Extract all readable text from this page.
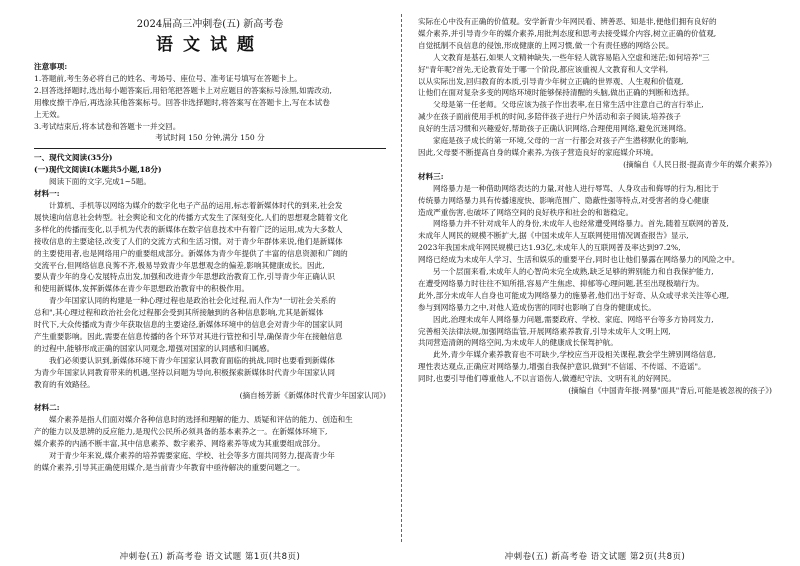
2024届高三冲刺卷(五) 新高考卷
语文试题
注意事项:
1.答题前,考生务必将自己的姓名、考场号、座位号、准考证号填写在答题卡上。
2.回答选择题时,选出每小题答案后,用铅笔把答题卡上对应题目的答案标号涂黑,如需改动,
用橡皮擦干净后,再选涂其他答案标号。回答非选择题时,将答案写在答题卡上,写在本试卷
上无效。
3.考试结束后,将本试卷和答题卡一并交回。
考试时间 150 分钟,满分 150 分
一、现代文阅读(35分)
(一)现代文阅读Ⅰ(本题共5小题,18分)
阅读下面的文字,完成1~5题。
材料一:
计算机、手机等以网络为媒介的数字化电子产品的运用,标志着新媒体时代的到来,社会发
展快速向信息社会转型。社会舆论和文化的传播方式发生了深刻变化,人们的思想观念随着文化
多样化的传播而变化,以手机为代表的新媒体在数字信息技术中有着广泛的运用,成为大多数人
接收信息的主要途径,改变了人们的交流方式和生活习惯。对于青少年群体来说,他们是新媒体
的主要使用者,也是网络用户的重要组成部分。新媒体为青少年提供了丰富的信息资源和广阔的
交流平台,但网络信息良莠不齐,极易导致青少年思想观念的偏差,影响其健康成长。因此,
要从青少年的身心发展特点出发,加强和改进青少年思想政治教育工作,引导青少年正确认识
和使用新媒体,发挥新媒体在青少年思想政治教育中的积极作用。
青少年国家认同的构建是一种心理过程也是政治社会化过程,而人作为"一切社会关系的
总和",其心理过程和政治社会化过程都会受到其所接触到的各种信息影响,尤其是新媒体
时代下,大众传播成为青少年获取信息的主要途径,新媒体环境中的信息会对青少年的国家认同
产生重要影响。因此,需要在信息传播的各个环节对其进行管控和引导,确保青少年在接触信息
的过程中,能够形成正确的国家认同观念,增强对国家的认同感和归属感。
我们必须要认识到,新媒体环境下青少年国家认同教育面临的挑战,同时也要看到新媒体
为青少年国家认同教育带来的机遇,坚持以问题为导向,积极探索新媒体时代青少年国家认同
教育的有效路径。
(摘自杨芳新《新媒体时代青少年国家认同》)
材料二:
媒介素养是指人们面对媒介各种信息时的选择和理解的能力、质疑和评估的能力、创造和生
产的能力以及思辨的反应能力,是现代公民所必须具备的基本素养之一。在新媒体环境下,
媒介素养的内涵不断丰富,其中信息素养、数字素养、网络素养等成为其重要组成部分。
对于青少年来说,媒介素养的培养需要家庭、学校、社会等多方面共同努力,提高青少年
的媒介素养,引导其正确使用媒介,是当前青少年教育中亟待解决的重要问题之一。
冲刺卷(五) 新高考卷 语文试题 第1页(共8页)
实际在心中没有正确的价值观。安学新青少年网民看、辨善恶、知是非,便他们拥有良好的
媒介素养,并引导青少年的媒介素养,用批判态度和思考去接受媒介内容,树立正确的价值观,
自觉抵制不良信息的侵蚀,形成健康的上网习惯,做一个有责任感的网络公民。
人文教育是基石,如果人文精神缺失,一些年轻人就容易陷入空虚和迷茫;如何培养"三
好"青年呢?首先,无论教育处于哪一个阶段,都应该重视人文教育和人文学科,
以从实际出发,回归教育的本质,引导青少年树立正确的世界观、人生观和价值观,
让他们在面对复杂多变的网络环境时能够保持清醒的头脑,做出正确的判断和选择。
父母是第一任老师。父母应该为孩子作出表率,在日常生活中注意自己的言行举止,
减少在孩子面前使用手机的时间,多陪伴孩子进行户外活动和亲子阅读,培养孩子
良好的生活习惯和兴趣爱好,帮助孩子正确认识网络,合理使用网络,避免沉迷网络。
家庭是孩子成长的第一环境,父母的一言一行都会对孩子产生潜移默化的影响,
因此,父母要不断提高自身的媒介素养,为孩子营造良好的家庭媒介环境。
(摘编自《人民日报·提高青少年的媒介素养》)
材料三:
网络暴力是一种借助网络表达的力量,对他人进行辱骂、人身攻击和侮辱的行为,相比于
传统暴力网络暴力具有传播速度快、影响范围广、隐蔽性强等特点,对受害者的身心健康
造成严重伤害,也破坏了网络空间的良好秩序和社会的和谐稳定。
网络暴力并不针对成年人的身份,未成年人也经常遭受网络暴力。首先,随着互联网的普及,
未成年人网民的规模不断扩大,据《中国未成年人互联网使用情况调查报告》显示,
2023年我国未成年网民规模已达1.93亿,未成年人的互联网普及率达到97.2%,
网络已经成为未成年人学习、生活和娱乐的重要平台,同时也让他们暴露在网络暴力的风险之中。
另一个层面来看,未成年人的心智尚未完全成熟,缺乏足够的辨别能力和自我保护能力,
在遭受网络暴力时往往不知所措,容易产生焦虑、抑郁等心理问题,甚至出现极端行为。
此外,部分未成年人自身也可能成为网络暴力的施暴者,他们出于好奇、从众或寻求关注等心理,
参与到网络暴力之中,对他人造成伤害的同时也影响了自身的健康成长。
因此,治理未成年人网络暴力问题,需要政府、学校、家庭、网络平台等多方协同发力,
完善相关法律法规,加强网络监管,开展网络素养教育,引导未成年人文明上网,
共同营造清朗的网络空间,为未成年人的健康成长保驾护航。
此外,青少年媒介素养教育也不可缺少,学校应当开设相关课程,教会学生辨别网络信息,
理性表达观点,正确应对网络暴力,增强自我保护意识,做到"不信谣、不传谣、不造谣"。
同时,也要引导他们尊重他人,不以言语伤人,做遵纪守法、文明有礼的好网民。
(摘编自《中国青年报·网暴"面具"背后,可能是被忽视的孩子》)
冲刺卷(五) 新高考卷 语文试题 第2页(共8页)
